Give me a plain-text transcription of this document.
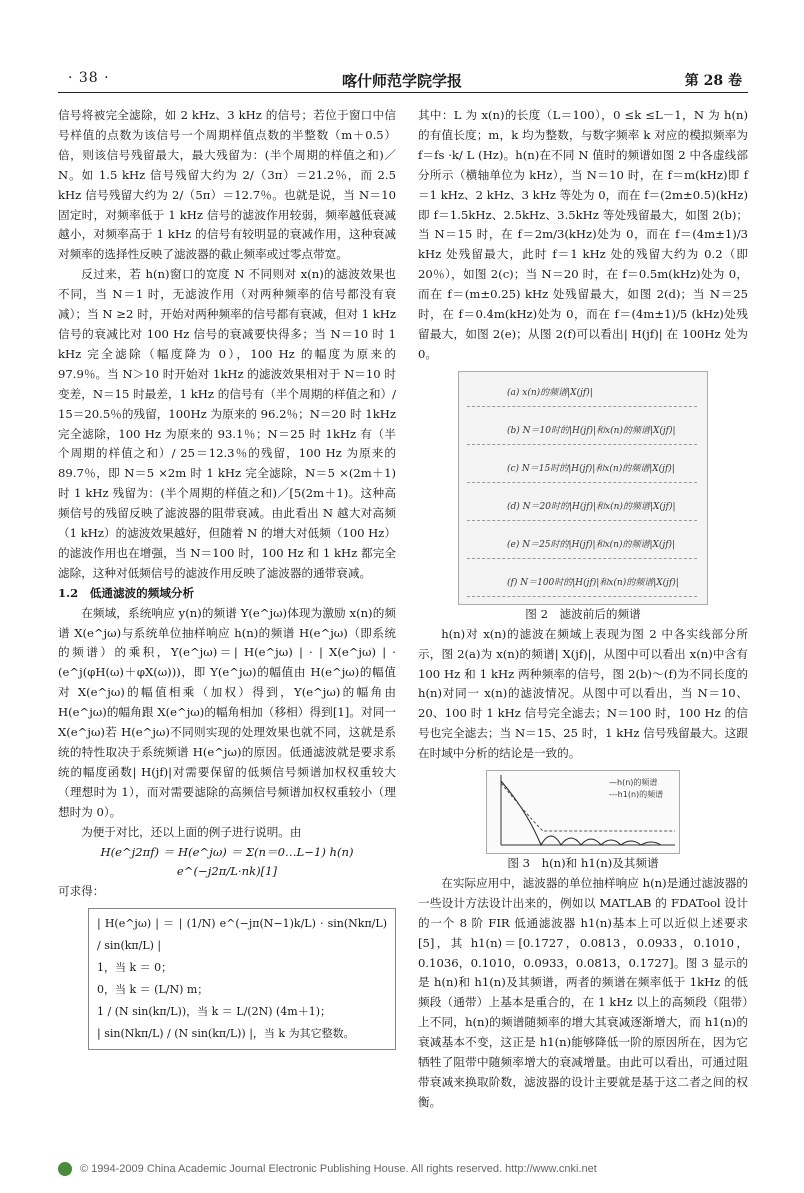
· 38 ·	喀什师范学院学报	第 28 卷

信号将被完全滤除，如 2 kHz、3 kHz 的信号；若位于窗口中信号样值的点数为该信号一个周期样值点数的半整数（m＋0.5）倍，则该信号残留最大，最大残留为：(半个周期的样值之和)／N。如 1.5 kHz 信号残留大约为 2/（3π）＝21.2％，而 2.5 kHz 信号残留大约为 2/（5π）＝12.7％。也就是说，当 N＝10 固定时，对频率低于 1 kHz 信号的滤波作用较弱，频率越低衰减越小，对频率高于 1 kHz 的信号有较明显的衰减作用，这种衰减对频率的选择性反映了滤波器的截止频率或过零点带宽。

反过来，若 h(n)窗口的宽度 N 不同则对 x(n)的滤波效果也不同，当 N＝1 时，无滤波作用（对两种频率的信号都没有衰减）；当 N ≥2 时，开始对两种频率的信号都有衰减，但对 1 kHz 信号的衰减比对 100 Hz 信号的衰减要快得多；当 N＝10 时 1 kHz 完全滤除（幅度降为 0），100 Hz 的幅度为原来的 97.9％。当 N＞10 时开始对 1kHz 的滤波效果相对于 N＝10 时变差，N＝15 时最差，1 kHz 的信号有（半个周期的样值之和）/ 15＝20.5％的残留，100Hz 为原来的 96.2％；N＝20 时 1kHz 完全滤除，100 Hz 为原来的 93.1％；N＝25 时 1kHz 有（半个周期的样值之和）/ 25＝12.3％的残留，100 Hz 为原来的 89.7％，即 N＝5 ×2m 时 1 kHz 完全滤除，N＝5 ×(2m＋1)时 1 kHz 残留为：(半个周期的样值之和)／[5(2m＋1)。这种高频信号的残留反映了滤波器的阻带衰减。由此看出 N 越大对高频（1 kHz）的滤波效果越好，但随着 N 的增大对低频（100 Hz）的滤波作用也在增强，当 N＝100 时，100 Hz 和 1 kHz 都完全滤除，这种对低频信号的滤波作用反映了滤波器的通带衰减。

1.2　低通滤波的频域分析

在频域，系统响应 y(n)的频谱 Y(e^jω)体现为激励 x(n)的频谱 X(e^jω)与系统单位抽样响应 h(n)的频谱 H(e^jω)（即系统的频谱）的乘积，Y(e^jω)＝| H(e^jω) | · | X(e^jω) | · (e^j(φH(ω)＋φX(ω)))，即 Y(e^jω)的幅值由 H(e^jω)的幅值对 X(e^jω)的幅值相乘（加权）得到，Y(e^jω)的幅角由 H(e^jω)的幅角跟 X(e^jω)的幅角相加（移相）得到[1]。对同一 X(e^jω)若 H(e^jω)不同则实现的处理效果也就不同，这就是系统的特性取决于系统频谱 H(e^jω)的原因。低通滤波就是要求系统的幅度函数| H(jf)|对需要保留的低频信号频谱加权权重较大（理想时为 1），而对需要滤除的高频信号频谱加权权重较小（理想时为 0）。

为便于对比，还以上面的例子进行说明。由

H(e^j2πf) ＝ H(e^jω) ＝ Σ(n＝0…L−1) h(n) e^(−j2π/L·nk)[1]

可求得：

| H(e^jω) | ＝ | (1/N) e^(−jπ(N−1)k/L) · sin(Nkπ/L) / sin(kπ/L) |
1，当 k ＝ 0；
0，当 k ＝ (L/N) m；
1 / (N sin(kπ/L))，当 k ＝ L/(2N) (4m＋1)；
| sin(Nkπ/L) / (N sin(kπ/L)) |，当 k 为其它整数。

其中：L 为 x(n)的长度（L＝100），0 ≤k ≤L－1，N 为 h(n)的有值长度；m，k 均为整数，与数字频率 k 对应的模拟频率为 f＝fs ·k/ L (Hz)。h(n)在不同 N 值时的频谱如图 2 中各虚线部分所示（横轴单位为 kHz），当 N＝10 时，在 f＝m(kHz)即 f＝1 kHz、2 kHz、3 kHz 等处为 0，而在 f＝(2m±0.5)(kHz)即 f＝1.5kHz、2.5kHz、3.5kHz 等处残留最大，如图 2(b)；当 N＝15 时，在 f＝2m/3(kHz)处为 0，而在 f＝(4m±1)/3 kHz 处残留最大，此时 f＝1 kHz 处的残留大约为 0.2（即 20％），如图 2(c)；当 N＝20 时，在 f＝0.5m(kHz)处为 0，而在 f＝(m±0.25) kHz 处残留最大，如图 2(d)；当 N＝25 时，在 f＝0.4m(kHz)处为 0，而在 f＝(4m±1)/5 (kHz)处残留最大，如图 2(e)；从图 2(f)可以看出| H(jf)| 在 100Hz 处为 0。

(a) x(n)的频谱|X(jf)|
(b) N＝10时的|H(jf)|和x(n)的频谱|X(jf)|
(c) N＝15时的|H(jf)|和x(n)的频谱|X(jf)|
(d) N＝20时的|H(jf)|和x(n)的频谱|X(jf)|
(e) N＝25时的|H(jf)|和x(n)的频谱|X(jf)|
(f) N＝100时的|H(jf)|和x(n)的频谱|X(jf)|

图 2　滤波前后的频谱

h(n)对 x(n)的滤波在频域上表现为图 2 中各实线部分所示，图 2(a)为 x(n)的频谱| X(jf)|，从图中可以看出 x(n)中含有 100 Hz 和 1 kHz 两种频率的信号，图 2(b)～(f)为不同长度的 h(n)对同一 x(n)的滤波情况。从图中可以看出，当 N＝10、20、100 时 1 kHz 信号完全滤去；N＝100 时，100 Hz 的信号也完全滤去；当 N＝15、25 时，1 kHz 信号残留最大。这跟在时域中分析的结论是一致的。

—h(n)的频谱
---h1(n)的频谱

图 3　h(n)和 h1(n)及其频谱

在实际应用中，滤波器的单位抽样响应 h(n)是通过滤波器的一些设计方法设计出来的，例如以 MATLAB 的 FDATool 设计的一个 8 阶 FIR 低通滤波器 h1(n)基本上可以近似上述要求[5]，其 h1(n)＝[0.1727，0.0813，0.0933，0.1010，0.1036，0.1010，0.0933，0.0813，0.1727]。图 3 显示的是 h(n)和 h1(n)及其频谱，两者的频谱在频率低于 1kHz 的低频段（通带）上基本是重合的，在 1 kHz 以上的高频段（阻带）上不同，h(n)的频谱随频率的增大其衰减逐渐增大，而 h1(n)的衰减基本不变，这正是 h1(n)能够降低一阶的原因所在，因为它牺牲了阻带中随频率增大的衰减增量。由此可以看出，可通过阻带衰减来换取阶数，滤波器的设计主要就是基于这二者之间的权衡。

© 1994-2009 China Academic Journal Electronic Publishing House. All rights reserved. http://www.cnki.net
